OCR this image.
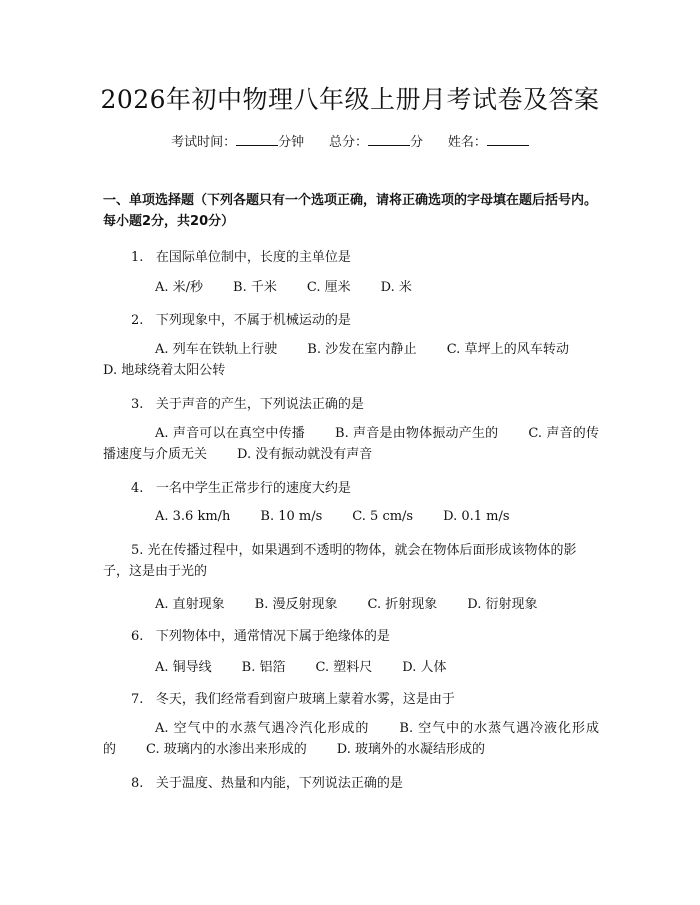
2026年初中物理八年级上册月考试卷及答案
考试时间：	分钟 总分：	分 姓名：
一、单项选择题（下列各题只有一个选项正确，请将正确选项的字母填在题后括号内。每小题2分，共20分）
1. 在国际单位制中，长度的主单位是
A. 米/秒 B. 千米 C. 厘米 D. 米
2. 下列现象中，不属于机械运动的是
A. 列车在铁轨上行驶 B. 沙发在室内静止 C. 草坪上的风车转动D. 地球绕着太阳公转
3. 关于声音的产生，下列说法正确的是
A. 声音可以在真空中传播 B. 声音是由物体振动产生的 C. 声音的传播速度与介质无关 D. 没有振动就没有声音
4. 一名中学生正常步行的速度大约是
A. 3.6 km/h B. 10 m/s C. 5 cm/s D. 0.1 m/s
5. 光在传播过程中，如果遇到不透明的物体，就会在物体后面形成该物体的影子，这是由于光的
A. 直射现象 B. 漫反射现象 C. 折射现象 D. 衍射现象
6. 下列物体中，通常情况下属于绝缘体的是
A. 铜导线 B. 铝箔 C. 塑料尺 D. 人体
7. 冬天，我们经常看到窗户玻璃上蒙着水雾，这是由于
A. 空气中的水蒸气遇冷汽化形成的 B. 空气中的水蒸气遇冷液化形成的 C. 玻璃内的水渗出来形成的 D. 玻璃外的水凝结形成的
8. 关于温度、热量和内能，下列说法正确的是
